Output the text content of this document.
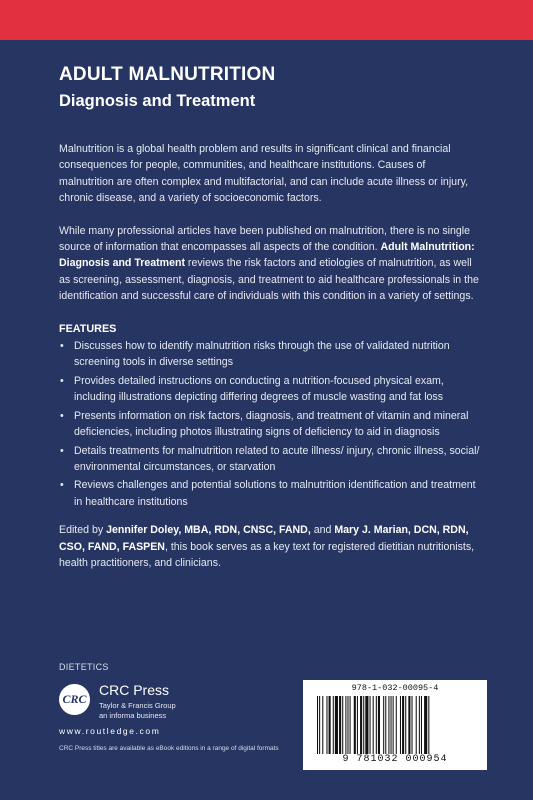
ADULT MALNUTRITION
Diagnosis and Treatment

Malnutrition is a global health problem and results in significant clinical and financial consequences for people, communities, and healthcare institutions. Causes of malnutrition are often complex and multifactorial, and can include acute illness or injury, chronic disease, and a variety of socioeconomic factors.

While many professional articles have been published on malnutrition, there is no single source of information that encompasses all aspects of the condition. Adult Malnutrition: Diagnosis and Treatment reviews the risk factors and etiologies of malnutrition, as well as screening, assessment, diagnosis, and treatment to aid healthcare professionals in the identification and successful care of individuals with this condition in a variety of settings.

FEATURES
• Discusses how to identify malnutrition risks through the use of validated nutrition screening tools in diverse settings
• Provides detailed instructions on conducting a nutrition-focused physical exam, including illustrations depicting differing degrees of muscle wasting and fat loss
• Presents information on risk factors, diagnosis, and treatment of vitamin and mineral deficiencies, including photos illustrating signs of deficiency to aid in diagnosis
• Details treatments for malnutrition related to acute illness/ injury, chronic illness, social/ environmental circumstances, or starvation
• Reviews challenges and potential solutions to malnutrition identification and treatment in healthcare institutions

Edited by Jennifer Doley, MBA, RDN, CNSC, FAND, and Mary J. Marian, DCN, RDN, CSO, FAND, FASPEN, this book serves as a key text for registered dietitian nutritionists, health practitioners, and clinicians.

DIETETICS
CRC
CRC Press
Taylor & Francis Group
an informa business
www.routledge.com
CRC Press titles are available as eBook editions in a range of digital formats
978-1-032-00095-4
9 781032 000954
